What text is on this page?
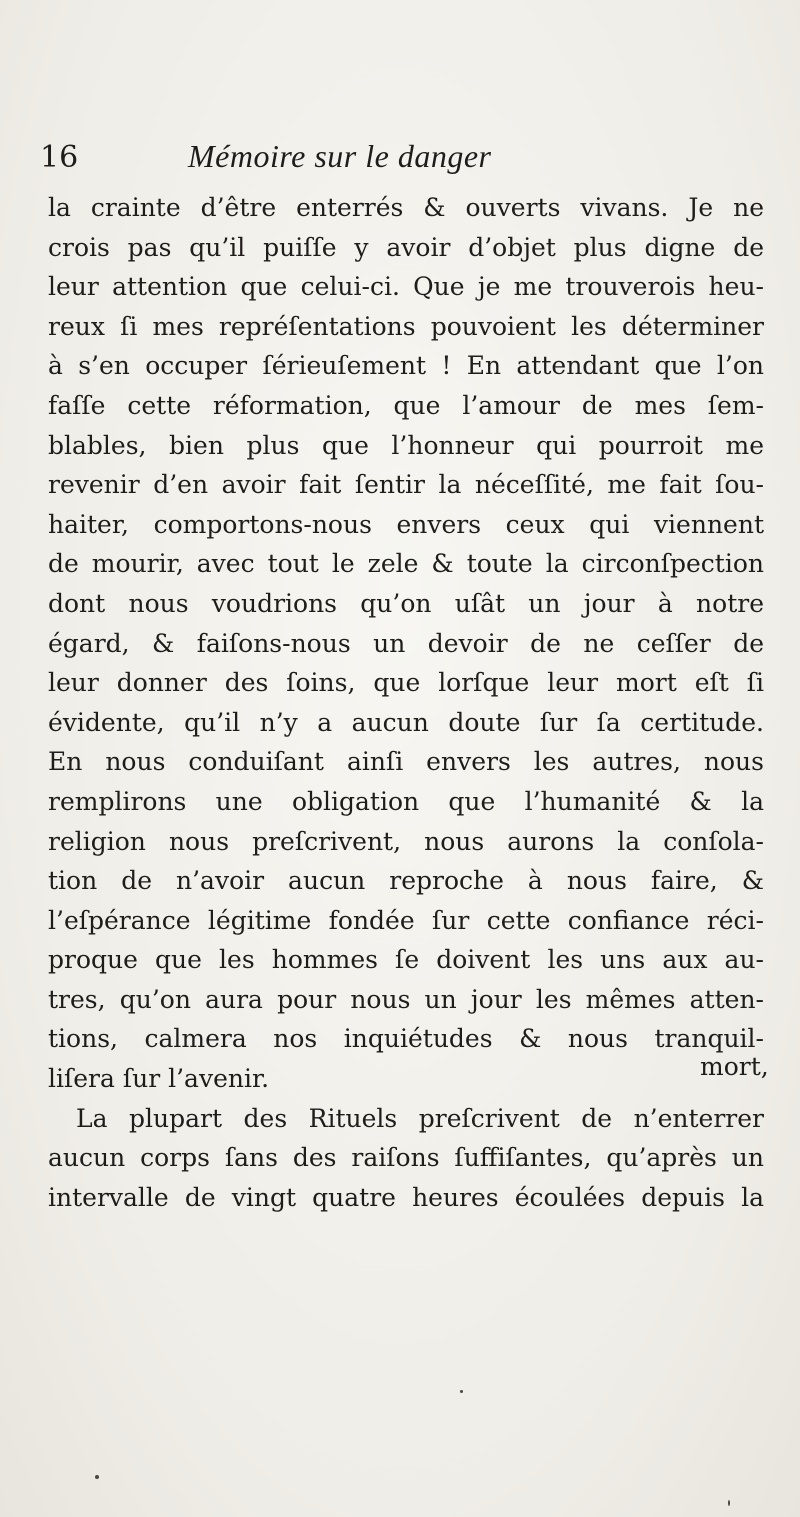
16	Mémoire sur le danger
la crainte d’être enterrés & ouverts vivans. Je ne
crois pas qu’il puiſſe y avoir d’objet plus digne de
leur attention que celui-ci. Que je me trouverois heu-
reux ſi mes repréſentations pouvoient les déterminer
à s’en occuper ſérieuſement ! En attendant que l’on
faſſe cette réformation, que l’amour de mes ſem-
blables, bien plus que l’honneur qui pourroit me
revenir d’en avoir fait ſentir la néceſſité, me fait ſou-
haiter, comportons-nous envers ceux qui viennent
de mourir, avec tout le zele & toute la circonſpection
dont nous voudrions qu’on uſât un jour à notre
égard, & faiſons-nous un devoir de ne ceſſer de
leur donner des ſoins, que lorſque leur mort eſt ſi
évidente, qu’il n’y a aucun doute ſur ſa certitude.
En nous conduiſant ainſi envers les autres, nous
remplirons une obligation que l’humanité & la
religion nous preſcrivent, nous aurons la conſola-
tion de n’avoir aucun reproche à nous faire, &
l’eſpérance légitime fondée ſur cette confiance réci-
proque que les hommes ſe doivent les uns aux au-
tres, qu’on aura pour nous un jour les mêmes atten-
tions, calmera nos inquiétudes & nous tranquil-
liſera ſur l’avenir.
La plupart des Rituels preſcrivent de n’enterrer
aucun corps ſans des raiſons ſuffiſantes, qu’après un
intervalle de vingt quatre heures écoulées depuis la
mort,
